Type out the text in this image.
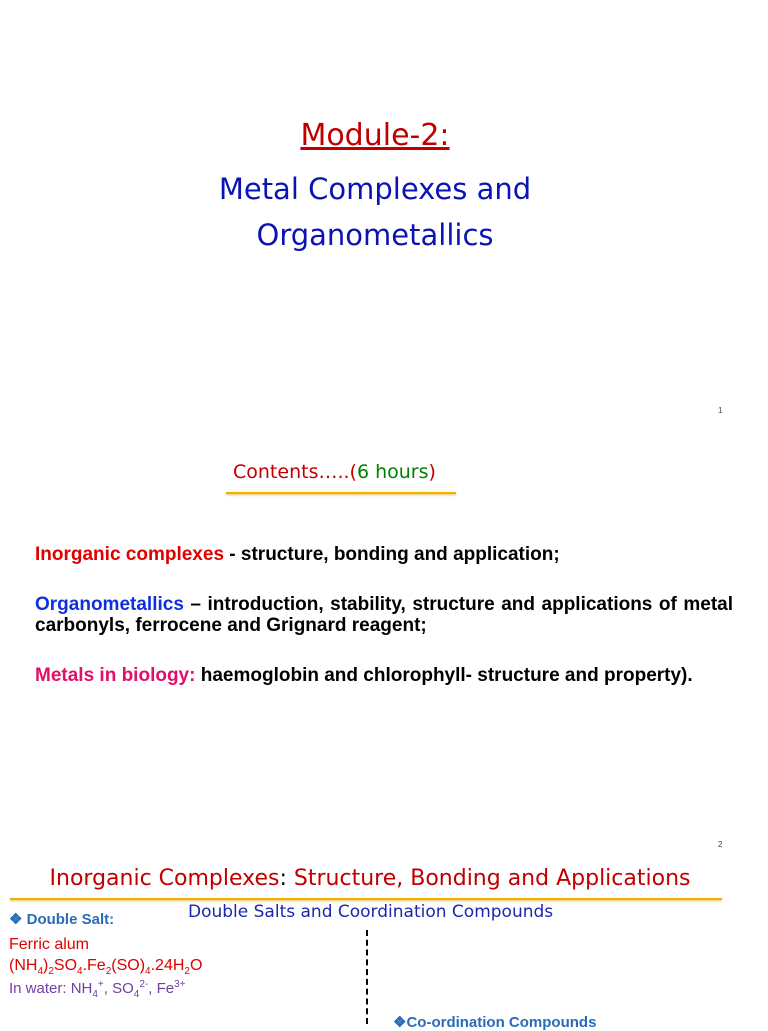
Module-2:
Metal Complexes and
Organometallics
1
Contents…..(6 hours)
Inorganic complexes - structure, bonding and application;
Organometallics – introduction, stability, structure and applications of metal carbonyls, ferrocene and Grignard reagent;
Metals in biology: haemoglobin and chlorophyll- structure and property).
2
Inorganic Complexes: Structure, Bonding and Applications
Double Salts and Coordination Compounds
❖ Double Salt:
Ferric alum
$(NH_4)_2SO_4.Fe_2(SO)_4.24H_2O$
In water: $NH_4^+$, $SO_4^{2-}$, $Fe^{3+}$
❖Co-ordination Compounds
